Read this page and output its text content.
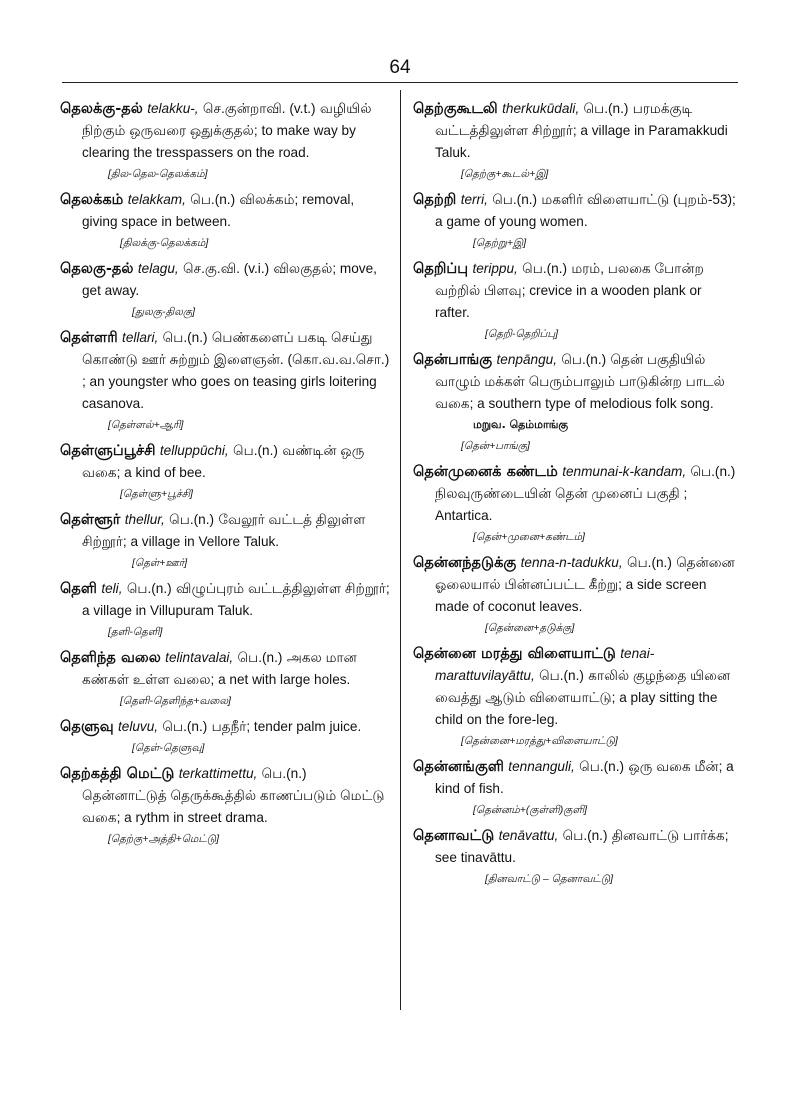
64
தெலக்கு-தல் telakku-, செ.குன்றாவி. (v.t.) வழியில் நிற்கும் ஒருவரை ஒதுக்குதல்; to make way by clearing the tresspassers on the road.
[தில-தெல-தெலக்கம்]
தெலக்கம் telakkam, பெ.(n.) விலக்கம்; removal, giving space in between.
[திலக்கு-தெலக்கம்]
தெலகு-தல் telagu, செ.கு.வி. (v.i.) விலகுதல்; move, get away.
[துலகு-திலகு]
தெள்ளரி tellari, பெ.(n.) பெண்களைப் பகடி செய்து கொண்டு ஊர் சுற்றும் இளைஞன். (கொ.வ.வ.சொ.) ; an youngster who goes on teasing girls loitering casanova.
[தெள்ளல்+ஆரி]
தெள்ளுப்பூச்சி telluppūchi, பெ.(n.) வண்டின் ஒரு வகை; a kind of bee.
[தெள்ளு+பூச்சி]
தெள்ளூர் thellur, பெ.(n.) வேலூர் வட்டத் திலுள்ள சிற்றூர்; a village in Vellore Taluk.
[தெள்+ஊர்]
தெளி teli, பெ.(n.) விழுப்புரம் வட்டத்திலுள்ள சிற்றூர்; a village in Villupuram Taluk.
[தளி-தெளி]
தெளிந்த வலை telintavalai, பெ.(n.) அகல மான கண்கள் உள்ள வலை; a net with large holes.
[தெளி-தெளிந்த+வலை]
தெளுவு teluvu, பெ.(n.) பதநீர்; tender palm juice.
[தெள்-தெளுவு]
தெற்கத்தி மெட்டு terkattimettu, பெ.(n.) தென்னாட்டுத் தெருக்கூத்தில் காணப்படும் மெட்டு வகை; a rythm in street drama.
[தெற்கு+அத்தி+மெட்டு]
தெற்குகூடலி therkukūdali, பெ.(n.) பரமக்குடி வட்டத்திலுள்ள சிற்றூர்; a village in Paramakkudi Taluk.
[தெற்கு+கூடல்+இ]
தெற்றி terri, பெ.(n.) மகளிர் விளையாட்டு (புறம்-53); a game of young women.
[தெற்று+இ]
தெறிப்பு terippu, பெ.(n.) மரம், பலகை போன்ற வற்றில் பிளவு; crevice in a wooden plank or rafter.
[தெறி-தெறிப்பு]
தென்பாங்கு tenpāngu, பெ.(n.) தென் பகுதியில் வாழும் மக்கள் பெரும்பாலும் பாடுகின்ற பாடல் வகை; a southern type of melodious folk song.
மறுவ. தெம்மாங்கு
[தென்+பாங்கு]
தென்முனைக் கண்டம் tenmunai-k-kandam, பெ.(n.) நிலவுருண்டையின் தென் முனைப் பகுதி ; Antartica.
[தென்+முனை+கண்டம்]
தென்னந்தடுக்கு tenna-n-tadukku, பெ.(n.) தென்னை ஓலையால் பின்னப்பட்ட கீற்று; a side screen made of coconut leaves.
[தென்னை+தடுக்கு]
தென்னை மரத்து விளையாட்டு tenai-marattuvilayāttu, பெ.(n.) காலில் குழந்தை யினை வைத்து ஆடும் விளையாட்டு; a play sitting the child on the fore-leg.
[தென்னை+மரத்து+விளையாட்டு]
தென்னங்குளி tennanguli, பெ.(n.) ஒரு வகை மீன்; a kind of fish.
[தென்னம்+(குள்ளி)குளி]
தெனாவட்டு tenāvattu, பெ.(n.) தினவாட்டு பார்க்க; see tinavāttu.
[தினவாட்டு – தெனாவட்டு]
